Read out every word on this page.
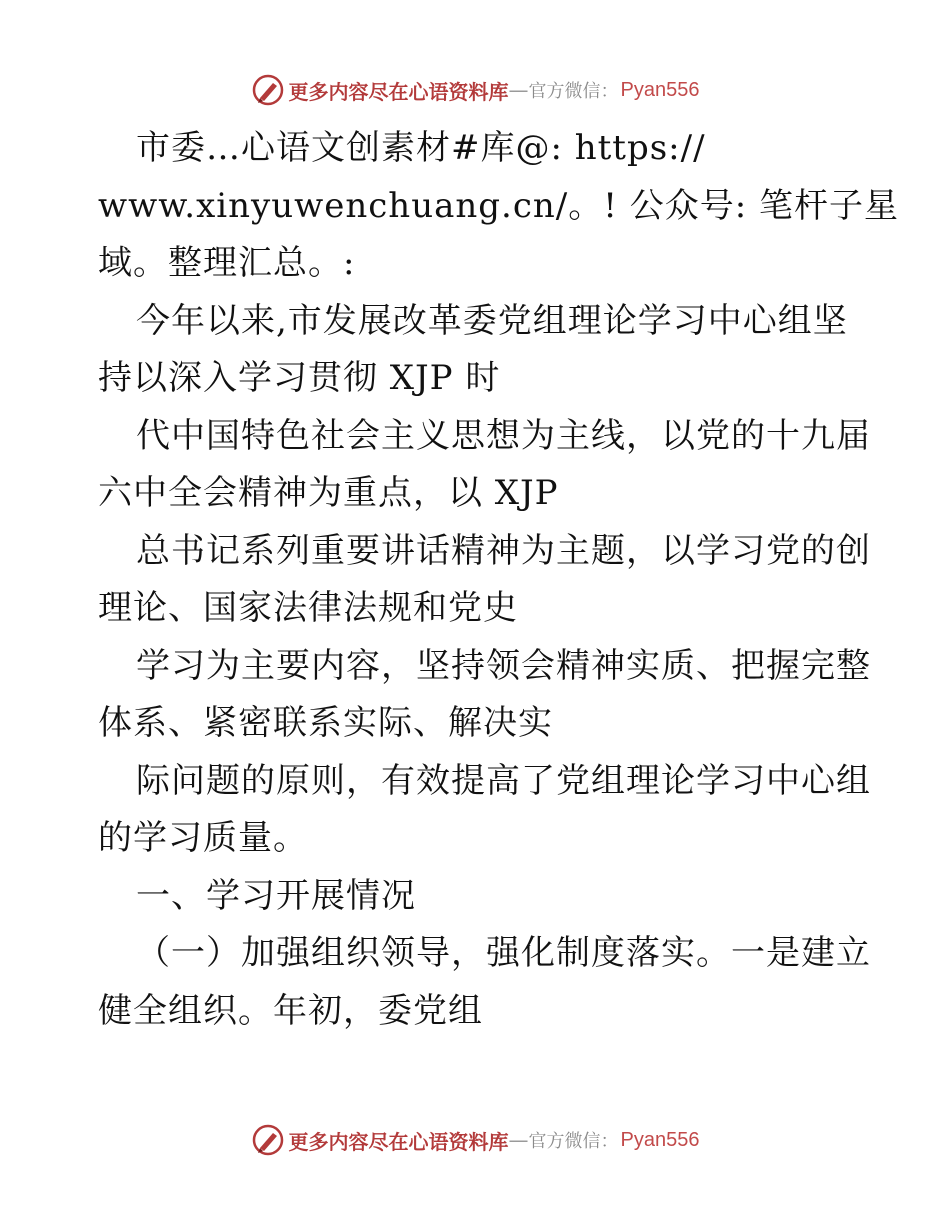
更多内容尽在心语资料库 — 官方微信： Pyan556
市委…心语文创素材#库@: https://
www.xinyuwenchuang.cn/。! 公众号: 笔杆子星
域。整理汇总。:
今年以来,市发展改革委党组理论学习中心组坚
持以深入学习贯彻 XJP 时
代中国特色社会主义思想为主线，以党的十九届
六中全会精神为重点，以 XJP
总书记系列重要讲话精神为主题，以学习党的创
理论、国家法律法规和党史
学习为主要内容，坚持领会精神实质、把握完整
体系、紧密联系实际、解决实
际问题的原则，有效提高了党组理论学习中心组
的学习质量。
一、学习开展情况
（一）加强组织领导，强化制度落实。一是建立
健全组织。年初，委党组
更多内容尽在心语资料库 — 官方微信： Pyan556
